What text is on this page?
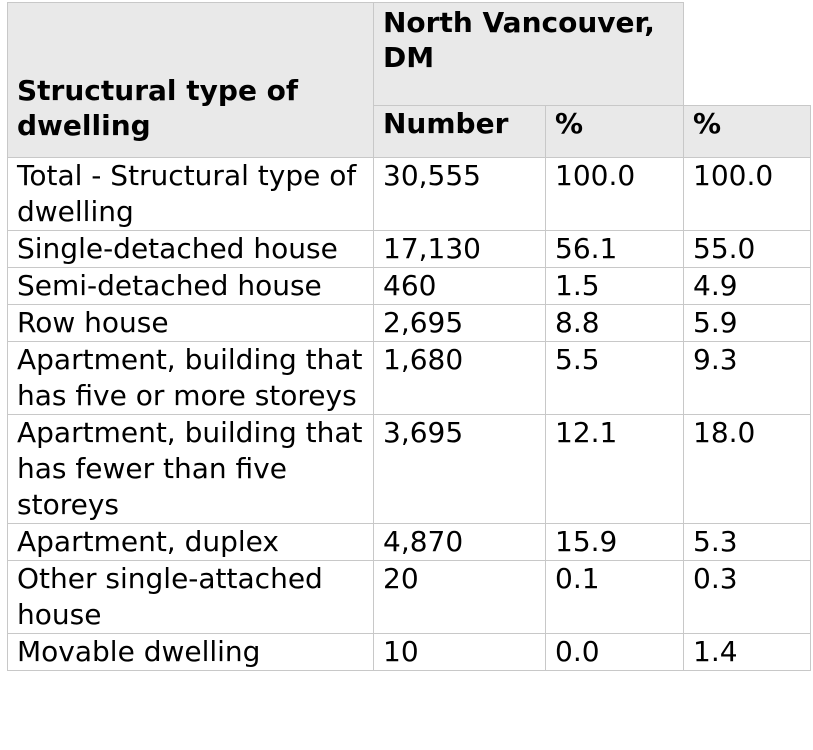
Structural type of dwelling	North Vancouver, DM		
	Number	%	%
Total - Structural type of dwelling	30,555	100.0	100.0
Single-detached house	17,130	56.1	55.0
Semi-detached house	460	1.5	4.9
Row house	2,695	8.8	5.9
Apartment, building that has five or more storeys	1,680	5.5	9.3
Apartment, building that has fewer than five storeys	3,695	12.1	18.0
Apartment, duplex	4,870	15.9	5.3
Other single-attached house	20	0.1	0.3
Movable dwelling	10	0.0	1.4
